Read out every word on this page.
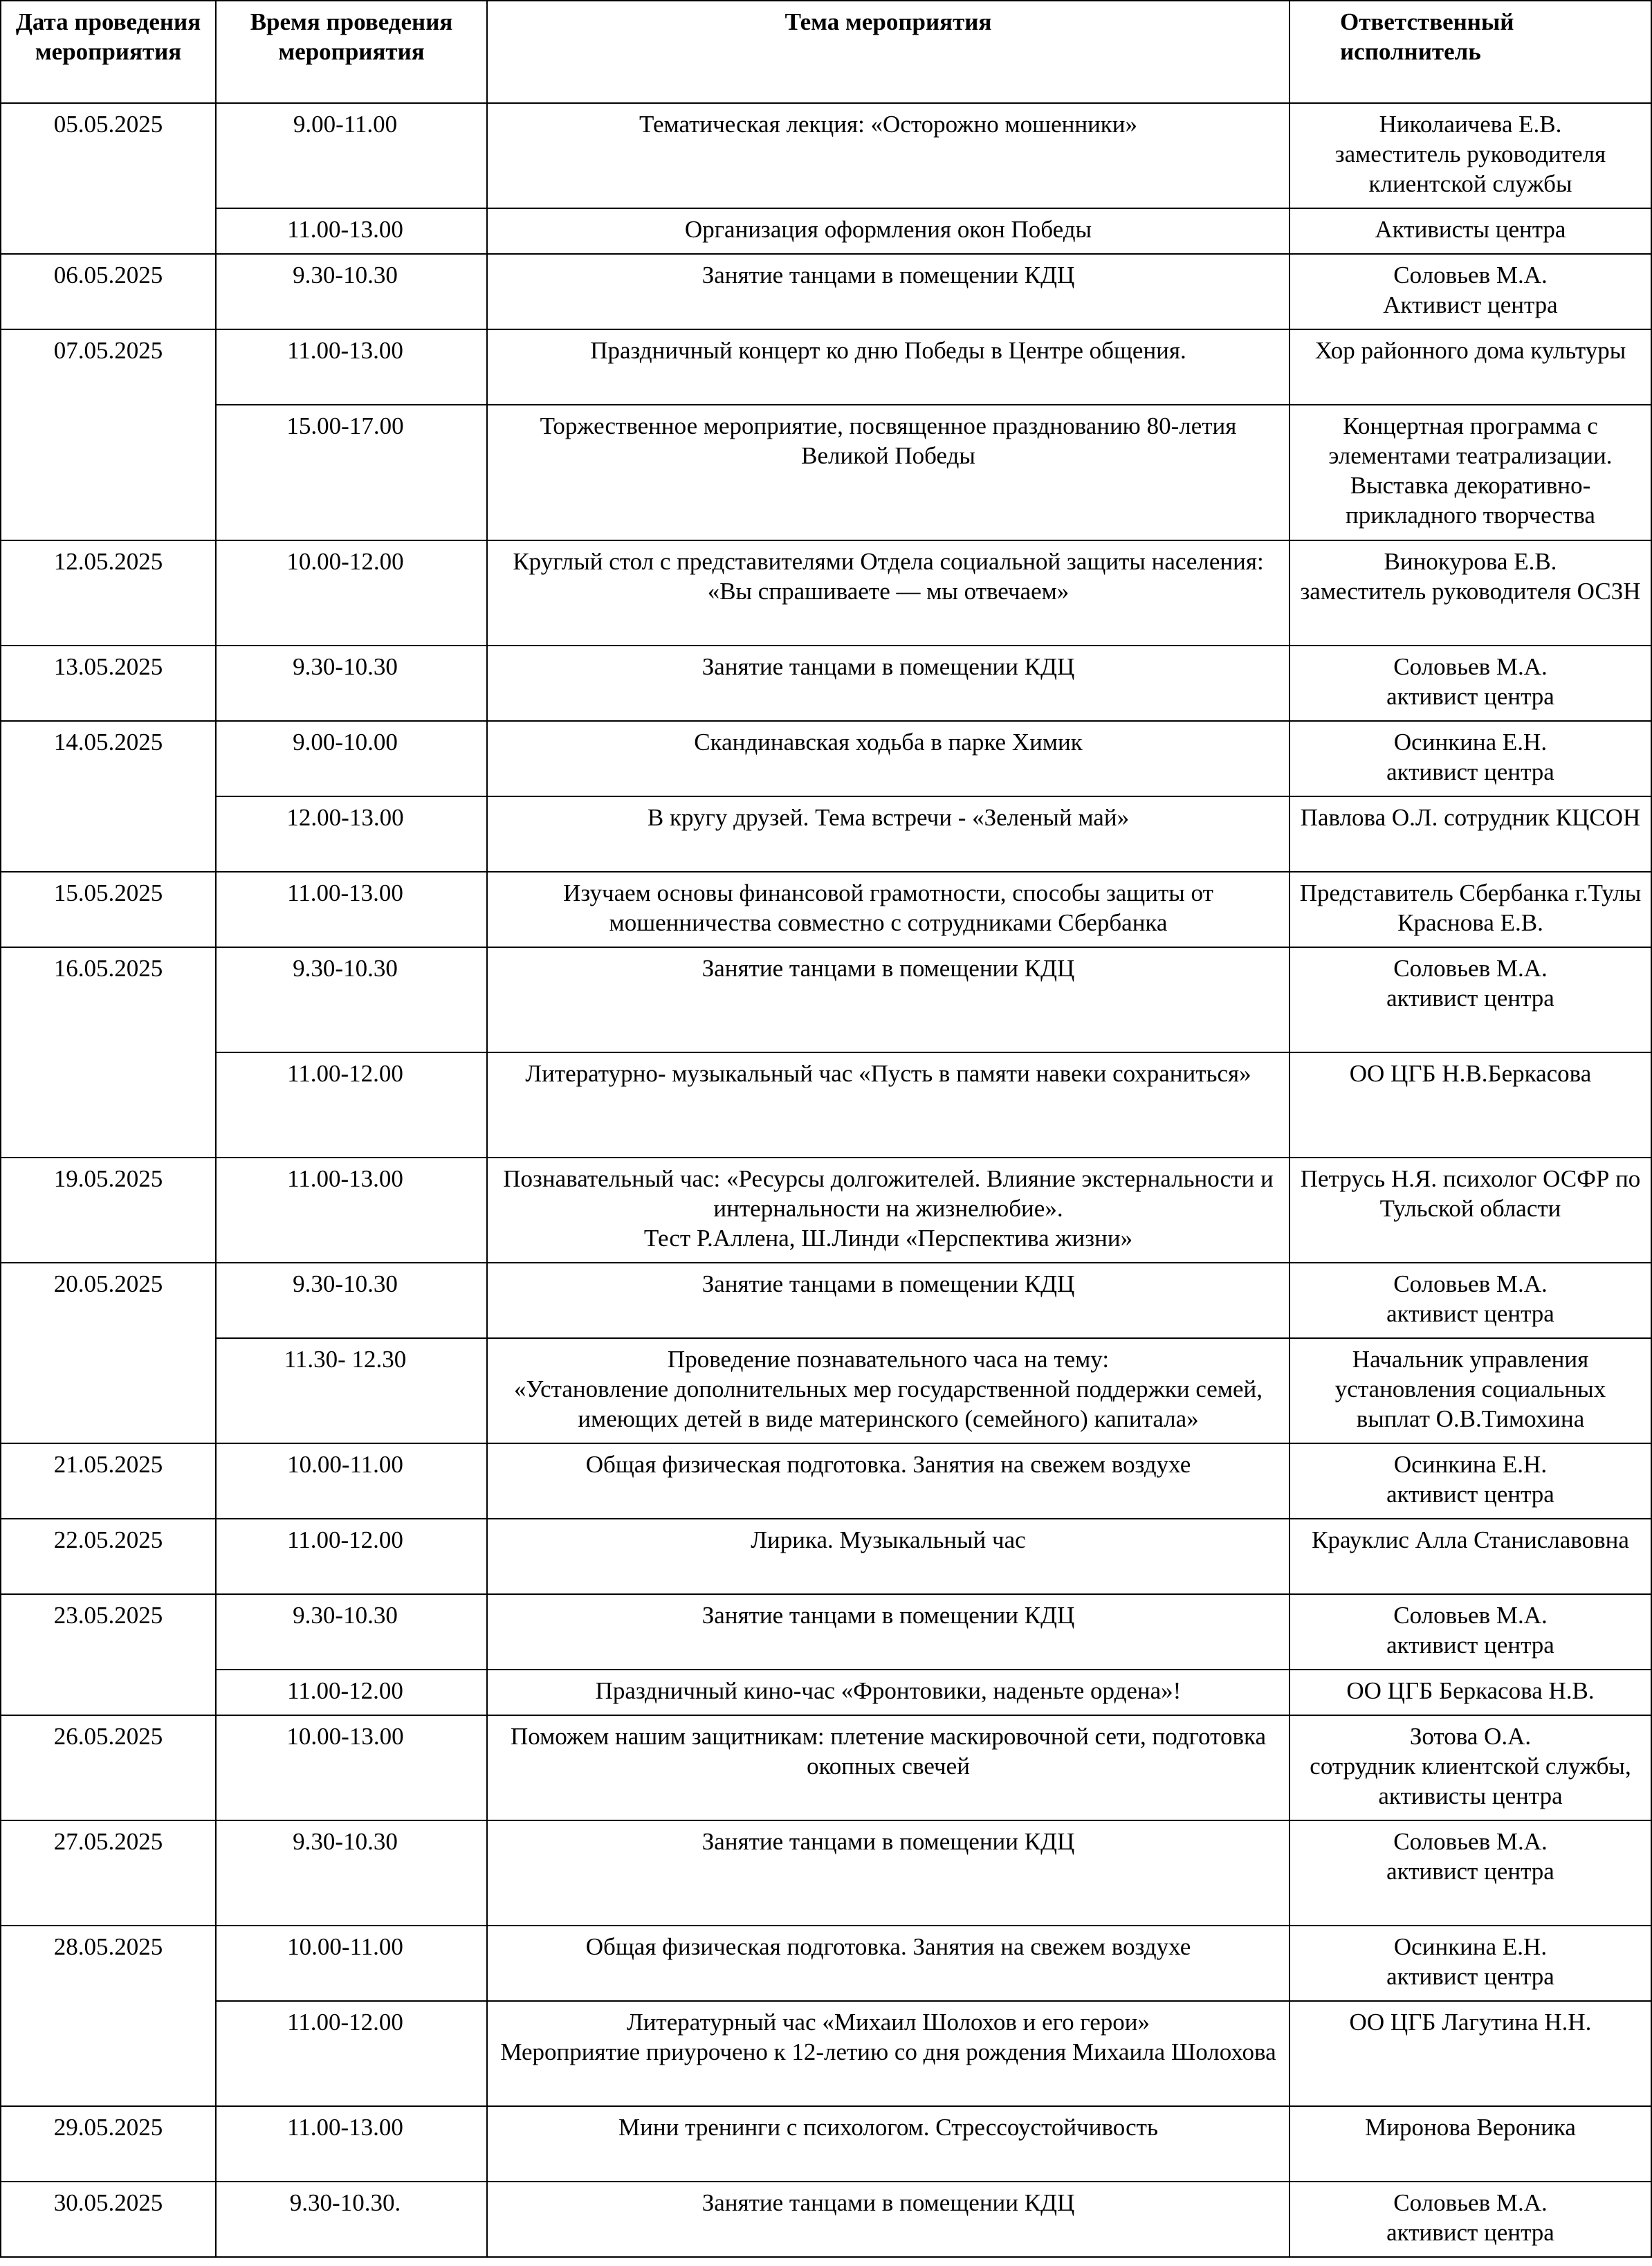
Дата проведения мероприятия	Время проведения мероприятия	Тема мероприятия	Ответственный исполнитель
05.05.2025	9.00-11.00	Тематическая лекция: «Осторожно мошенники»	Николаичева Е.В.
заместитель руководителя клиентской службы
	11.00-13.00	Организация оформления окон Победы	Активисты центра
06.05.2025	9.30-10.30	Занятие танцами в помещении КДЦ	Соловьев М.А.
Активист центра
07.05.2025	11.00-13.00	Праздничный концерт ко дню Победы в Центре общения.	Хор районного дома культуры
	15.00-17.00	Торжественное мероприятие, посвященное празднованию 80-летия Великой Победы	Концертная программа с элементами театрализации. Выставка декоративно-прикладного творчества
12.05.2025	10.00-12.00	Круглый стол с представителями Отдела социальной защиты населения: «Вы спрашиваете — мы отвечаем»	Винокурова Е.В.
заместитель руководителя ОСЗН
13.05.2025	9.30-10.30	Занятие танцами в помещении КДЦ	Соловьев М.А.
активист центра
14.05.2025	9.00-10.00	Скандинавская ходьба в парке Химик	Осинкина Е.Н.
активист центра
	12.00-13.00	В кругу друзей. Тема встречи - «Зеленый май»	Павлова О.Л. сотрудник КЦСОН
15.05.2025	11.00-13.00	Изучаем основы финансовой грамотности, способы защиты от мошенничества совместно с сотрудниками Сбербанка	Представитель Сбербанка г.Тулы Краснова Е.В.
16.05.2025	9.30-10.30	Занятие танцами в помещении КДЦ	Соловьев М.А.
активист центра
	11.00-12.00	Литературно- музыкальный час «Пусть в памяти навеки сохраниться»	ОО ЦГБ Н.В.Беркасова
19.05.2025	11.00-13.00	Познавательный час: «Ресурсы долгожителей. Влияние экстернальности и интернальности на жизнелюбие».
Тест Р.Аллена, Ш.Линди «Перспектива жизни»	Петрусь Н.Я. психолог ОСФР по Тульской области
20.05.2025	9.30-10.30	Занятие танцами в помещении КДЦ	Соловьев М.А.
активист центра
	11.30- 12.30	Проведение познавательного часа на тему:
«Установление дополнительных мер государственной поддержки семей, имеющих детей в виде материнского (семейного) капитала»	Начальник управления установления социальных выплат О.В.Тимохина
21.05.2025	10.00-11.00	Общая физическая подготовка. Занятия на свежем воздухе	Осинкина Е.Н.
активист центра
22.05.2025	11.00-12.00	Лирика. Музыкальный час	Крауклис Алла Станиславовна
23.05.2025	9.30-10.30	Занятие танцами в помещении КДЦ	Соловьев М.А.
активист центра
	11.00-12.00	Праздничный кино-час «Фронтовики, наденьте ордена»!	ОО ЦГБ Беркасова Н.В.
26.05.2025	10.00-13.00	Поможем нашим защитникам: плетение маскировочной сети, подготовка окопных свечей	Зотова О.А.
сотрудник клиентской службы, активисты центра
27.05.2025	9.30-10.30	Занятие танцами в помещении КДЦ	Соловьев М.А.
активист центра
28.05.2025	10.00-11.00	Общая физическая подготовка. Занятия на свежем воздухе	Осинкина Е.Н.
активист центра
	11.00-12.00	Литературный час «Михаил Шолохов и его герои»
Мероприятие приурочено к 12-летию со дня рождения Михаила Шолохова	ОО ЦГБ Лагутина Н.Н.
29.05.2025	11.00-13.00	Мини тренинги с психологом. Стрессоустойчивость	Миронова Вероника
30.05.2025	9.30-10.30.	Занятие танцами в помещении КДЦ	Соловьев М.А.
активист центра
